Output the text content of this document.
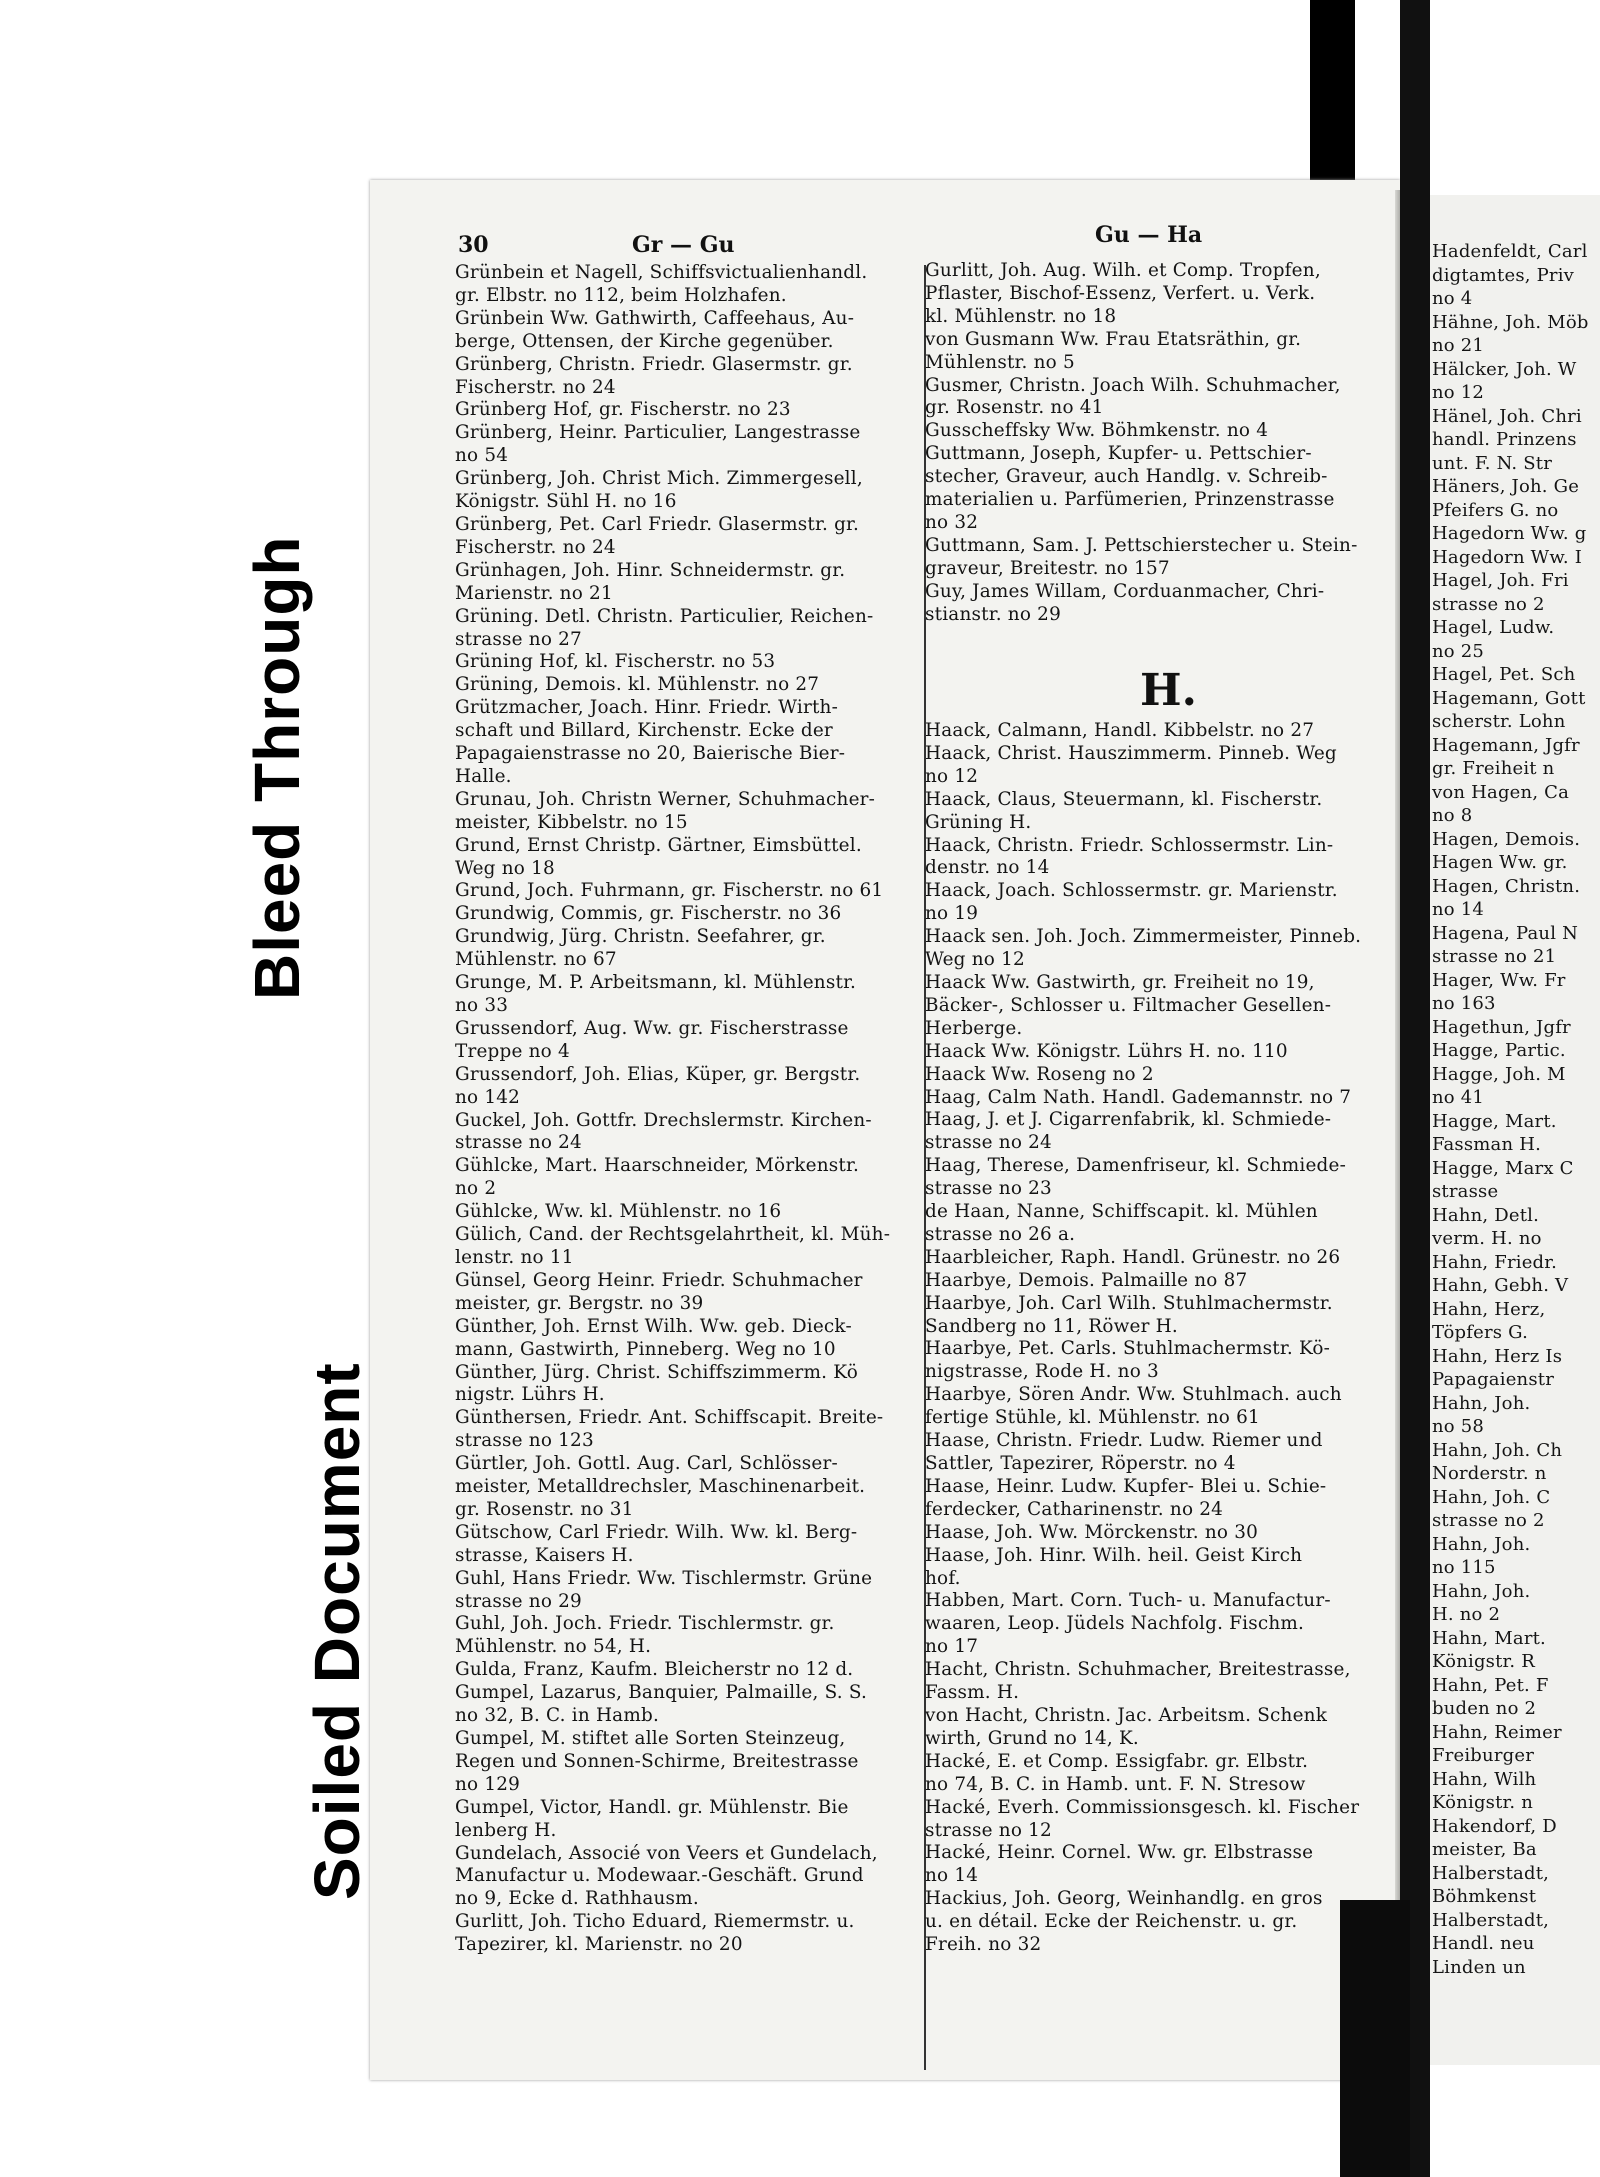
Bleed Through
Soiled Document
30	Gr — Gu	Gu — Ha
Grünbein et Nagell, Schiffsvictualienhandl.
gr. Elbstr. no 112, beim Holzhafen.
Grünbein Ww. Gathwirth, Caffeehaus, Au-
berge, Ottensen, der Kirche gegenüber.
Grünberg, Christn. Friedr. Glasermstr. gr.
Fischerstr. no 24
Grünberg Hof, gr. Fischerstr. no 23
Grünberg, Heinr. Particulier, Langestrasse
no 54
Grünberg, Joh. Christ Mich. Zimmergesell,
Königstr. Sühl H. no 16
Grünberg, Pet. Carl Friedr. Glasermstr. gr.
Fischerstr. no 24
Grünhagen, Joh. Hinr. Schneidermstr. gr.
Marienstr. no 21
Grüning. Detl. Christn. Particulier, Reichen-
strasse no 27
Grüning Hof, kl. Fischerstr. no 53
Grüning, Demois. kl. Mühlenstr. no 27
Grützmacher, Joach. Hinr. Friedr. Wirth-
schaft und Billard, Kirchenstr. Ecke der
Papagaienstrasse no 20, Baierische Bier-
Halle.
Grunau, Joh. Christn Werner, Schuhmacher-
meister, Kibbelstr. no 15
Grund, Ernst Christp. Gärtner, Eimsbüttel.
Weg no 18
Grund, Joch. Fuhrmann, gr. Fischerstr. no 61
Grundwig, Commis, gr. Fischerstr. no 36
Grundwig, Jürg. Christn. Seefahrer, gr.
Mühlenstr. no 67
Grunge, M. P. Arbeitsmann, kl. Mühlenstr.
no 33
Grussendorf, Aug. Ww. gr. Fischerstrasse
Treppe no 4
Grussendorf, Joh. Elias, Küper, gr. Bergstr.
no 142
Guckel, Joh. Gottfr. Drechslermstr. Kirchen-
strasse no 24
Gühlcke, Mart. Haarschneider, Mörkenstr.
no 2
Gühlcke, Ww. kl. Mühlenstr. no 16
Gülich, Cand. der Rechtsgelahrtheit, kl. Müh-
lenstr. no 11
Günsel, Georg Heinr. Friedr. Schuhmacher
meister, gr. Bergstr. no 39
Günther, Joh. Ernst Wilh. Ww. geb. Dieck-
mann, Gastwirth, Pinneberg. Weg no 10
Günther, Jürg. Christ. Schiffszimmerm. Kö
nigstr. Lührs H.
Günthersen, Friedr. Ant. Schiffscapit. Breite-
strasse no 123
Gürtler, Joh. Gottl. Aug. Carl, Schlösser-
meister, Metalldrechsler, Maschinenarbeit.
gr. Rosenstr. no 31
Gütschow, Carl Friedr. Wilh. Ww. kl. Berg-
strasse, Kaisers H.
Guhl, Hans Friedr. Ww. Tischlermstr. Grüne
strasse no 29
Guhl, Joh. Joch. Friedr. Tischlermstr. gr.
Mühlenstr. no 54, H.
Gulda, Franz, Kaufm. Bleicherstr no 12 d.
Gumpel, Lazarus, Banquier, Palmaille, S. S.
no 32, B. C. in Hamb.
Gumpel, M. stiftet alle Sorten Steinzeug,
Regen und Sonnen-Schirme, Breitestrasse
no 129
Gumpel, Victor, Handl. gr. Mühlenstr. Bie
lenberg H.
Gundelach, Associé von Veers et Gundelach,
Manufactur u. Modewaar.-Geschäft. Grund
no 9, Ecke d. Rathhausm.
Gurlitt, Joh. Ticho Eduard, Riemermstr. u.
Tapezirer, kl. Marienstr. no 20
Gurlitt, Joh. Aug. Wilh. et Comp. Tropfen,
Pflaster, Bischof-Essenz, Verfert. u. Verk.
kl. Mühlenstr. no 18
von Gusmann Ww. Frau Etatsräthin, gr.
Mühlenstr. no 5
Gusmer, Christn. Joach Wilh. Schuhmacher,
gr. Rosenstr. no 41
Gusscheffsky Ww. Böhmkenstr. no 4
Guttmann, Joseph, Kupfer- u. Pettschier-
stecher, Graveur, auch Handlg. v. Schreib-
materialien u. Parfümerien, Prinzenstrasse
no 32
Guttmann, Sam. J. Pettschierstecher u. Stein-
graveur, Breitestr. no 157
Guy, James Willam, Corduanmacher, Chri-
stianstr. no 29
H.
Haack, Calmann, Handl. Kibbelstr. no 27
Haack, Christ. Hauszimmerm. Pinneb. Weg
no 12
Haack, Claus, Steuermann, kl. Fischerstr.
Grüning H.
Haack, Christn. Friedr. Schlossermstr. Lin-
denstr. no 14
Haack, Joach. Schlossermstr. gr. Marienstr.
no 19
Haack sen. Joh. Joch. Zimmermeister, Pinneb.
Weg no 12
Haack Ww. Gastwirth, gr. Freiheit no 19,
Bäcker-, Schlosser u. Filtmacher Gesellen-
Herberge.
Haack Ww. Königstr. Lührs H. no. 110
Haack Ww. Roseng no 2
Haag, Calm Nath. Handl. Gademannstr. no 7
Haag, J. et J. Cigarrenfabrik, kl. Schmiede-
strasse no 24
Haag, Therese, Damenfriseur, kl. Schmiede-
strasse no 23
de Haan, Nanne, Schiffscapit. kl. Mühlen
strasse no 26 a.
Haarbleicher, Raph. Handl. Grünestr. no 26
Haarbye, Demois. Palmaille no 87
Haarbye, Joh. Carl Wilh. Stuhlmachermstr.
Sandberg no 11, Röwer H.
Haarbye, Pet. Carls. Stuhlmachermstr. Kö-
nigstrasse, Rode H. no 3
Haarbye, Sören Andr. Ww. Stuhlmach. auch
fertige Stühle, kl. Mühlenstr. no 61
Haase, Christn. Friedr. Ludw. Riemer und
Sattler, Tapezirer, Röperstr. no 4
Haase, Heinr. Ludw. Kupfer- Blei u. Schie-
ferdecker, Catharinenstr. no 24
Haase, Joh. Ww. Mörckenstr. no 30
Haase, Joh. Hinr. Wilh. heil. Geist Kirch
hof.
Habben, Mart. Corn. Tuch- u. Manufactur-
waaren, Leop. Jüdels Nachfolg. Fischm.
no 17
Hacht, Christn. Schuhmacher, Breitestrasse,
Fassm. H.
von Hacht, Christn. Jac. Arbeitsm. Schenk
wirth, Grund no 14, K.
Hacké, E. et Comp. Essigfabr. gr. Elbstr.
no 74, B. C. in Hamb. unt. F. N. Stresow
Hacké, Everh. Commissionsgesch. kl. Fischer
strasse no 12
Hacké, Heinr. Cornel. Ww. gr. Elbstrasse
no 14
Hackius, Joh. Georg, Weinhandlg. en gros
u. en détail. Ecke der Reichenstr. u. gr.
Freih. no 32
Hadenfeldt, Carl
digtamtes, Priv
no 4
Hähne, Joh. Möb
no 21
Hälcker, Joh. W
no 12
Hänel, Joh. Chri
handl. Prinzens
unt. F. N. Str
Häners, Joh. Ge
Pfeifers G. no
Hagedorn Ww. g
Hagedorn Ww. I
Hagel, Joh. Fri
strasse no 2
Hagel, Ludw.
no 25
Hagel, Pet. Sch
Hagemann, Gott
scherstr. Lohn
Hagemann, Jgfr
gr. Freiheit n
von Hagen, Ca
no 8
Hagen, Demois.
Hagen Ww. gr.
Hagen, Christn.
no 14
Hagena, Paul N
strasse no 21
Hager, Ww. Fr
no 163
Hagethun, Jgfr
Hagge, Partic.
Hagge, Joh. M
no 41
Hagge, Mart.
Fassman H.
Hagge, Marx C
strasse
Hahn, Detl.
verm. H. no
Hahn, Friedr.
Hahn, Gebh. V
Hahn, Herz,
Töpfers G.
Hahn, Herz Is
Papagaienstr
Hahn, Joh.
no 58
Hahn, Joh. Ch
Norderstr. n
Hahn, Joh. C
strasse no 2
Hahn, Joh.
no 115
Hahn, Joh.
H. no 2
Hahn, Mart.
Königstr. R
Hahn, Pet. F
buden no 2
Hahn, Reimer
Freiburger
Hahn, Wilh
Königstr. n
Hakendorf, D
meister, Ba
Halberstadt,
Böhmkenst
Halberstadt,
Handl. neu
Linden un
